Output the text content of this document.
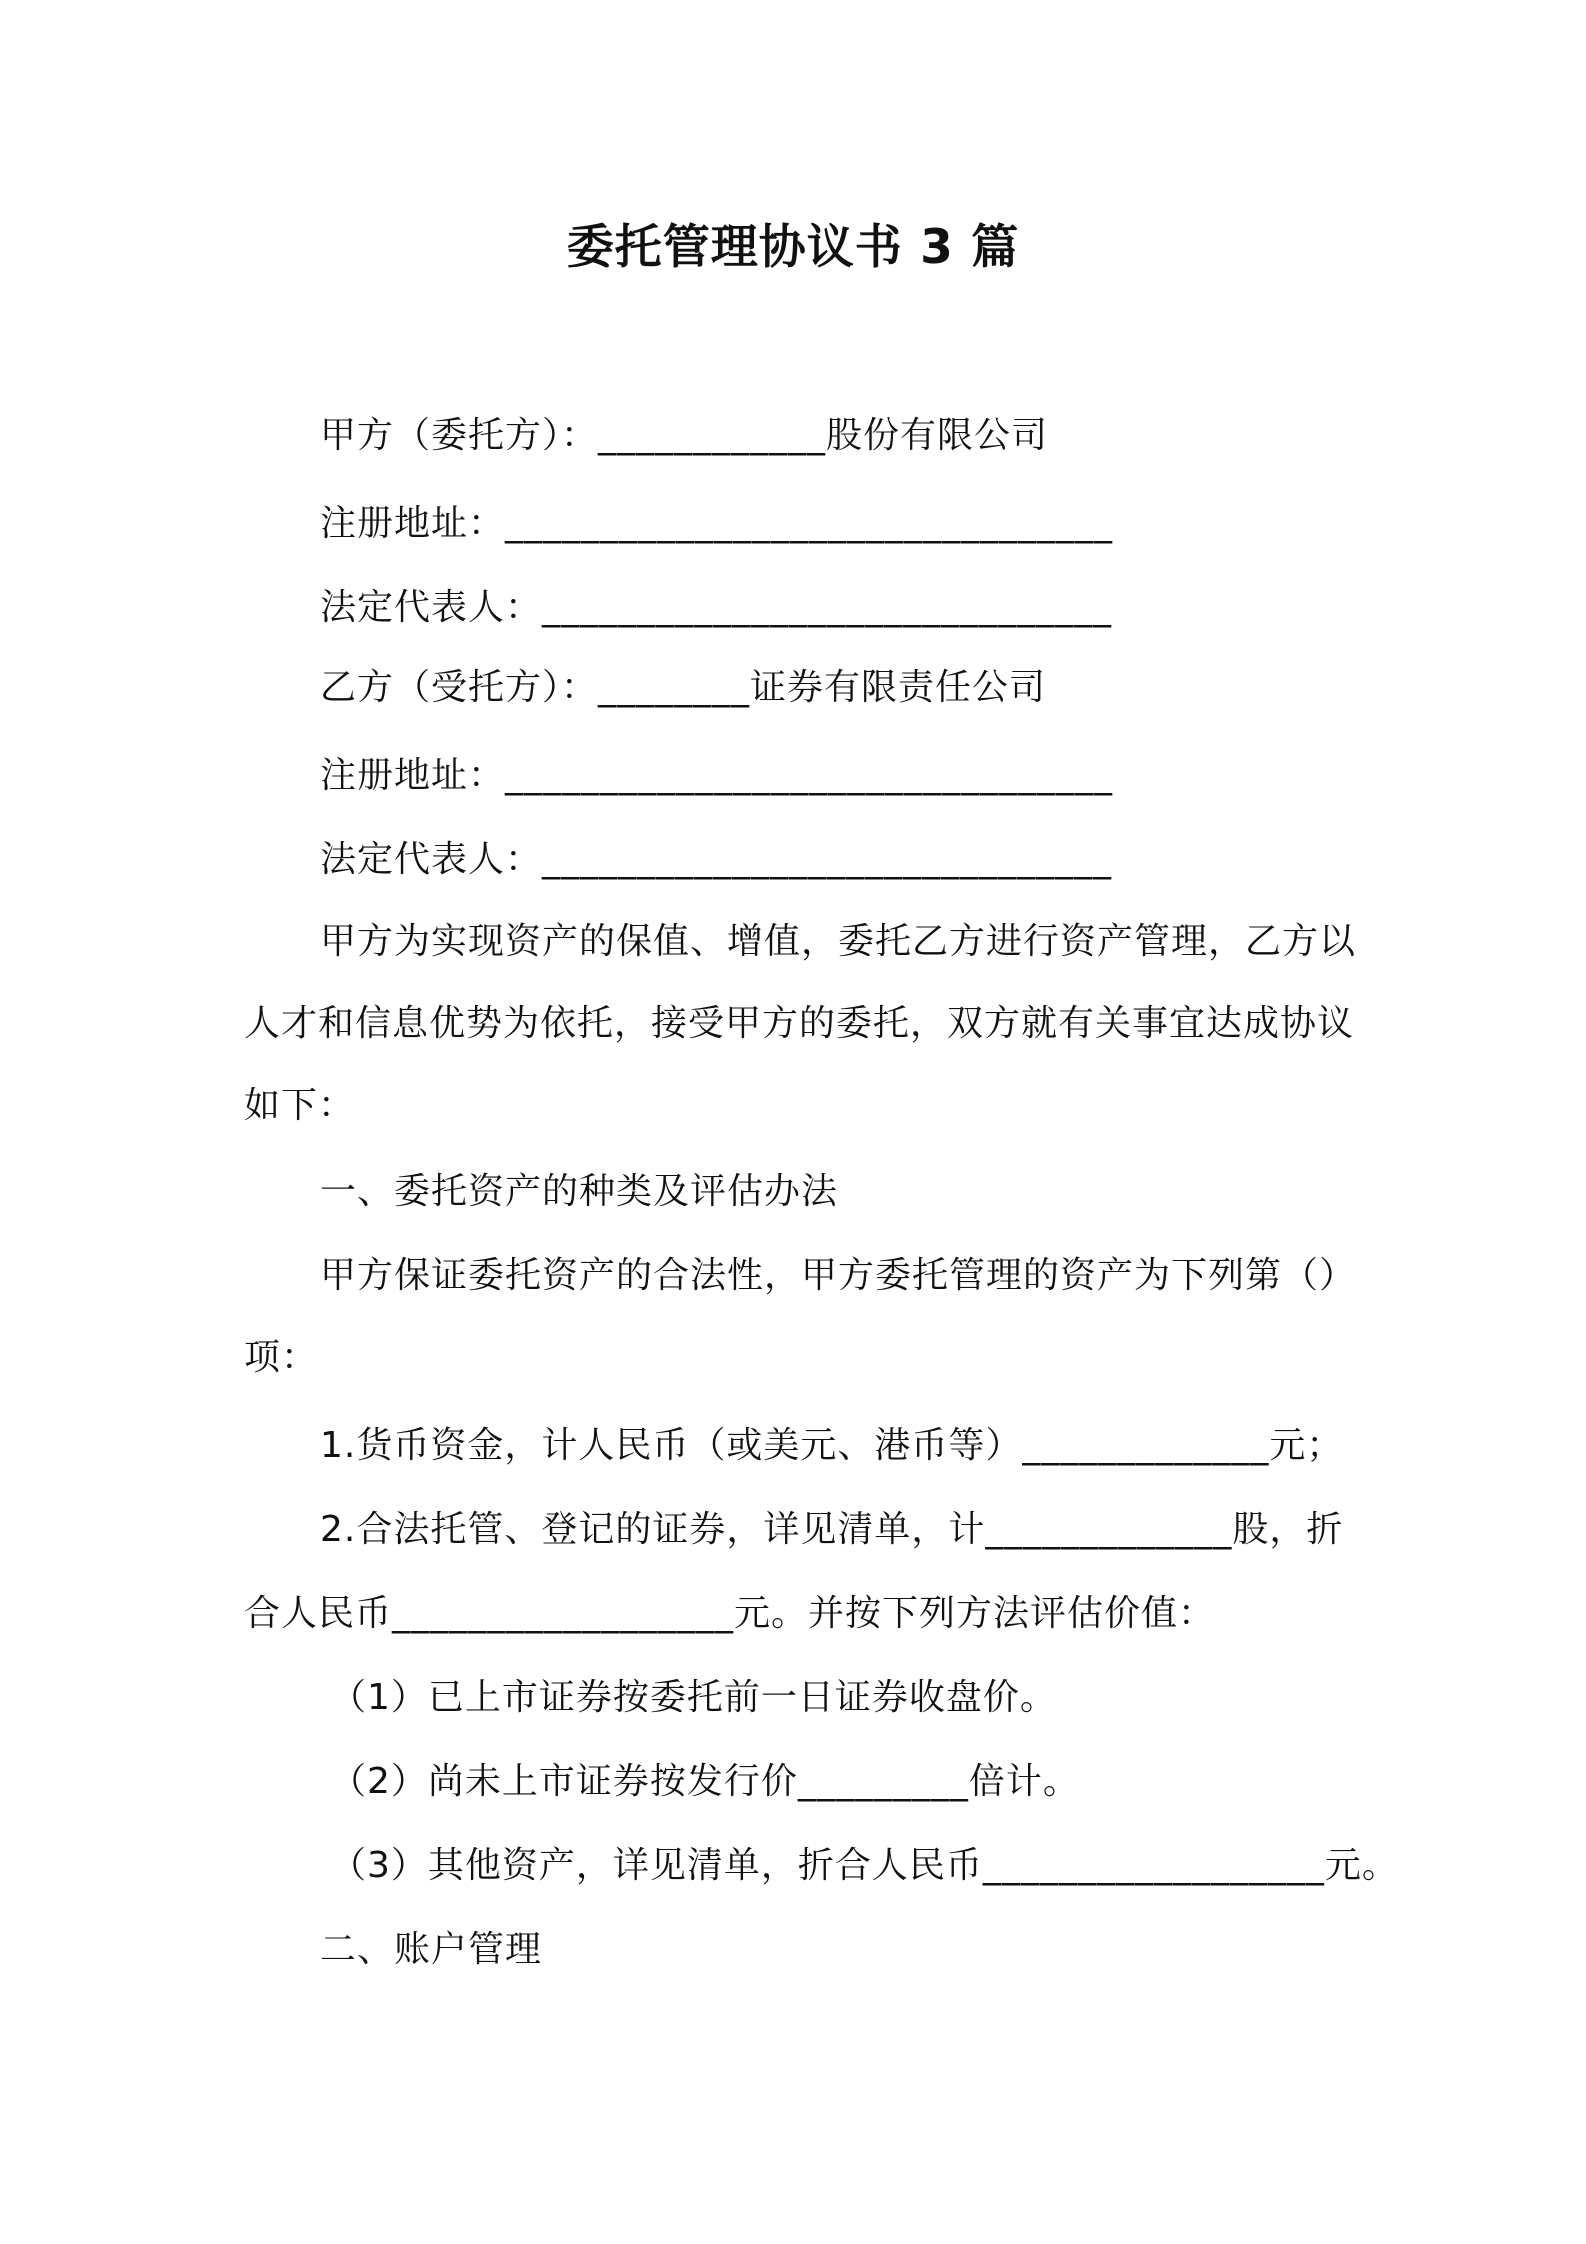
委托管理协议书 3 篇
甲方（委托方）：____________股份有限公司
注册地址：________________________________
法定代表人：______________________________
乙方（受托方）：________证券有限责任公司
注册地址：________________________________
法定代表人：______________________________
甲方为实现资产的保值、增值，委托乙方进行资产管理，乙方以
人才和信息优势为依托，接受甲方的委托，双方就有关事宜达成协议
如下：
一、委托资产的种类及评估办法
甲方保证委托资产的合法性，甲方委托管理的资产为下列第（）
项：
1.货币资金，计人民币（或美元、港币等）_____________元；
2.合法托管、登记的证券，详见清单，计_____________股，折
合人民币__________________元。并按下列方法评估价值：
（1）已上市证券按委托前一日证券收盘价。
（2）尚未上市证券按发行价_________倍计。
（3）其他资产，详见清单，折合人民币__________________元。
二、账户管理
